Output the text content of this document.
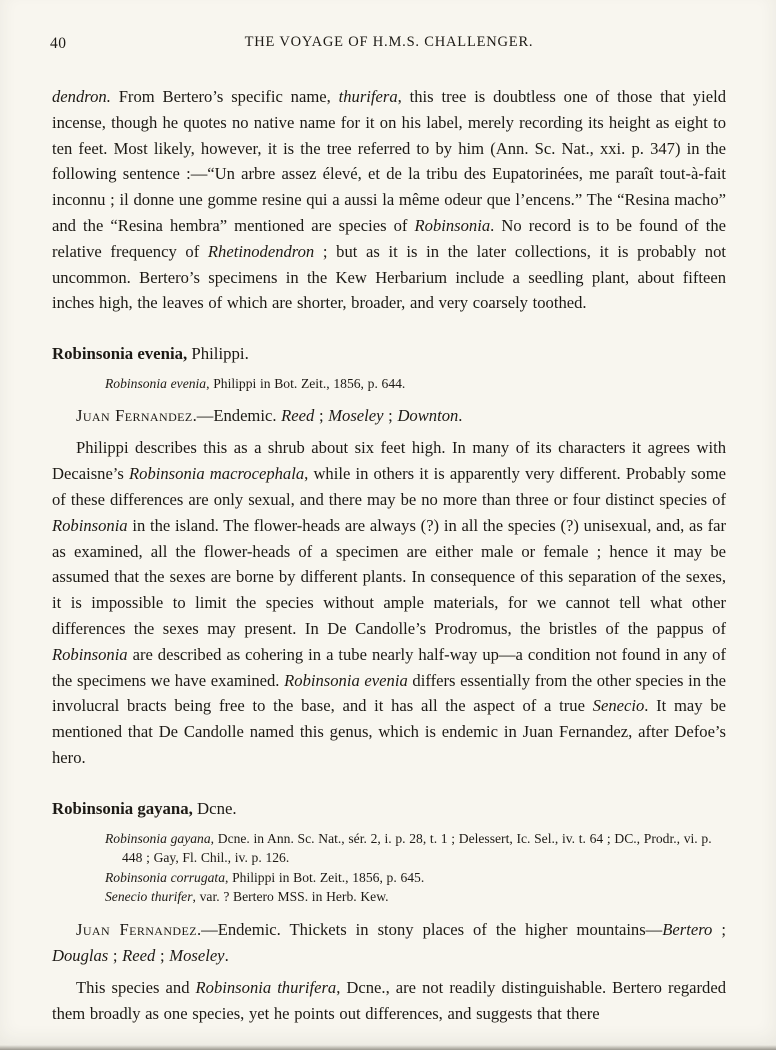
40	THE VOYAGE OF H.M.S. CHALLENGER.

dendron. From Bertero’s specific name, thurifera, this tree is doubtless one of those that yield incense, though he quotes no native name for it on his label, merely recording its height as eight to ten feet. Most likely, however, it is the tree referred to by him (Ann. Sc. Nat., xxi. p. 347) in the following sentence :—“Un arbre assez élevé, et de la tribu des Eupatorinées, me paraît tout-à-fait inconnu ; il donne une gomme resine qui a aussi la même odeur que l’encens.” The “Resina macho” and the “Resina hembra” mentioned are species of Robinsonia. No record is to be found of the relative frequency of Rhetinodendron ; but as it is in the later collections, it is probably not uncommon. Bertero’s specimens in the Kew Herbarium include a seedling plant, about fifteen inches high, the leaves of which are shorter, broader, and very coarsely toothed.

Robinsonia evenia, Philippi.

Robinsonia evenia, Philippi in Bot. Zeit., 1856, p. 644.

Juan Fernandez.—Endemic. Reed ; Moseley ; Downton.

Philippi describes this as a shrub about six feet high. In many of its characters it agrees with Decaisne’s Robinsonia macrocephala, while in others it is apparently very different. Probably some of these differences are only sexual, and there may be no more than three or four distinct species of Robinsonia in the island. The flower-heads are always (?) in all the species (?) unisexual, and, as far as examined, all the flower-heads of a specimen are either male or female ; hence it may be assumed that the sexes are borne by different plants. In consequence of this separation of the sexes, it is impossible to limit the species without ample materials, for we cannot tell what other differences the sexes may present. In De Candolle’s Prodromus, the bristles of the pappus of Robinsonia are described as cohering in a tube nearly half-way up—a condition not found in any of the specimens we have examined. Robinsonia evenia differs essentially from the other species in the involucral bracts being free to the base, and it has all the aspect of a true Senecio. It may be mentioned that De Candolle named this genus, which is endemic in Juan Fernandez, after Defoe’s hero.

Robinsonia gayana, Dcne.

Robinsonia gayana, Dcne. in Ann. Sc. Nat., sér. 2, i. p. 28, t. 1 ; Delessert, Ic. Sel., iv. t. 64 ; DC., Prodr., vi. p. 448 ; Gay, Fl. Chil., iv. p. 126.

Robinsonia corrugata, Philippi in Bot. Zeit., 1856, p. 645.

Senecio thurifer, var. ? Bertero MSS. in Herb. Kew.

Juan Fernandez.—Endemic. Thickets in stony places of the higher mountains—Bertero ; Douglas ; Reed ; Moseley.

This species and Robinsonia thurifera, Dcne., are not readily distinguishable. Bertero regarded them broadly as one species, yet he points out differences, and suggests that there
